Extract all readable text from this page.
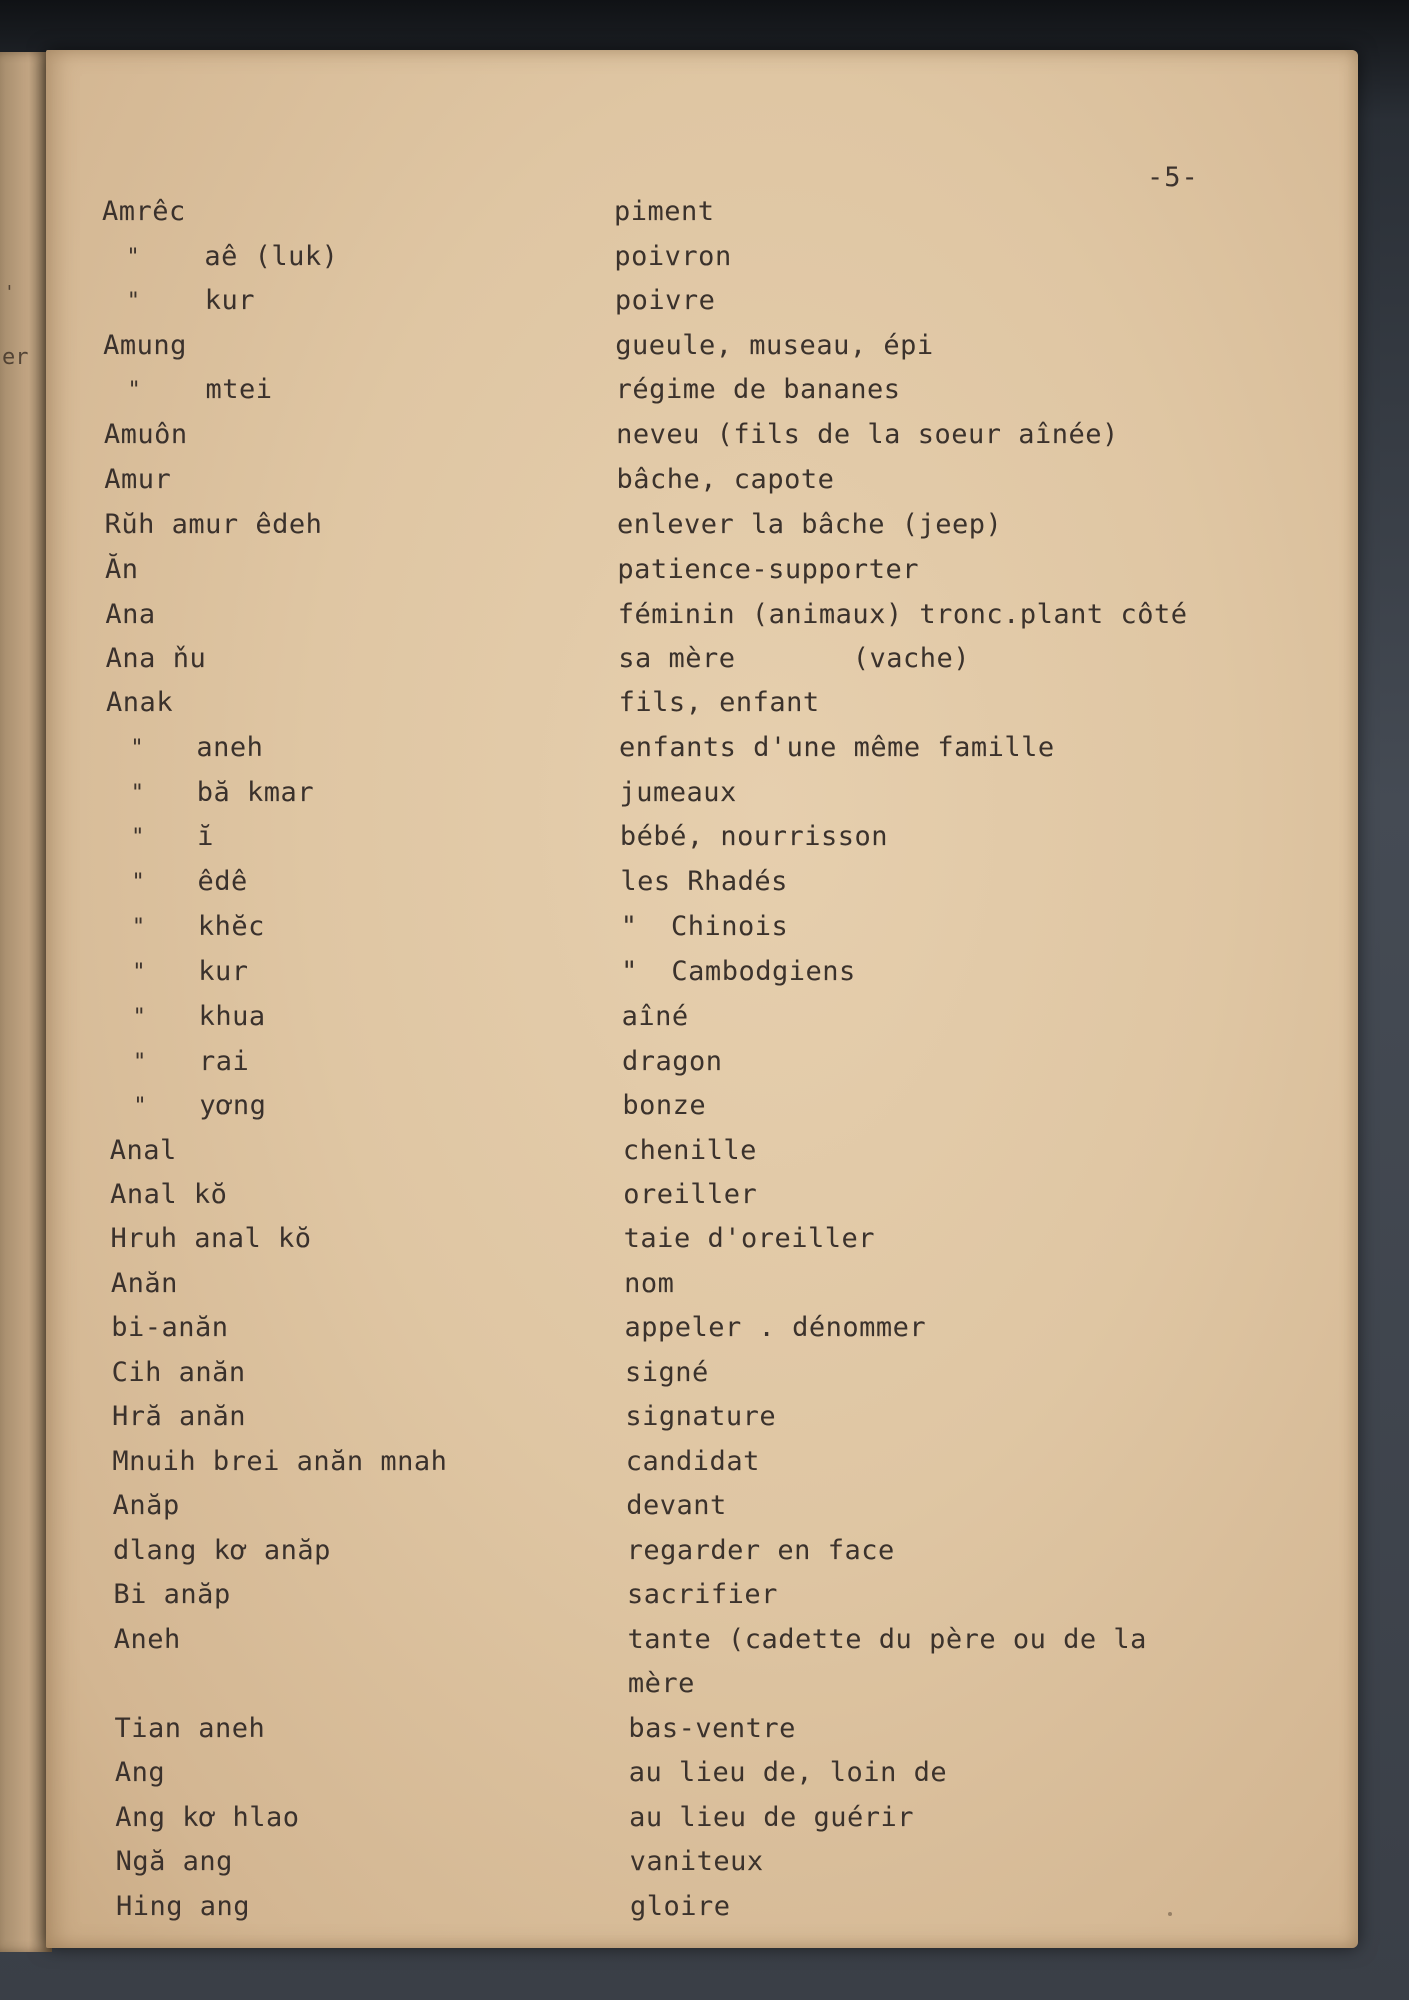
er
'
-5-
Amrêc	piment
" aê (luk)	poivron
" kur	poivre
Amung	gueule, museau, épi
" mtei	régime de bananes
Amuôn	neveu (fils de la soeur aînée)
Amur	bâche, capote
Rŭh amur êdeh	enlever la bâche (jeep)
Ăn	patience-supporter
Ana	féminin (animaux) tronc.plant côté
Ana ňu	sa mère       (vache)
Anak	fils, enfant
" aneh	enfants d'une même famille
" bă kmar	jumeaux
" ĭ	bébé, nourrisson
" êdê	les Rhadés
" khĕc	"  Chinois
" kur	"  Cambodgiens
" khua	aîné
" rai	dragon
" yơng	bonze
Anal	chenille
Anal kŏ	oreiller
Hruh anal kŏ	taie d'oreiller
Anăn	nom
bi-anăn	appeler . dénommer
Cih anăn	signé
Hră anăn	signature
Mnuih brei anăn mnah	candidat
Anăp	devant
dlang kơ anăp	regarder en face
Bi anăp	sacrifier
Aneh	tante (cadette du père ou de la
mère
Tian aneh	bas-ventre
Ang	au lieu de, loin de
Ang kơ hlao	au lieu de guérir
Ngă ang	vaniteux
Hing ang	gloire
